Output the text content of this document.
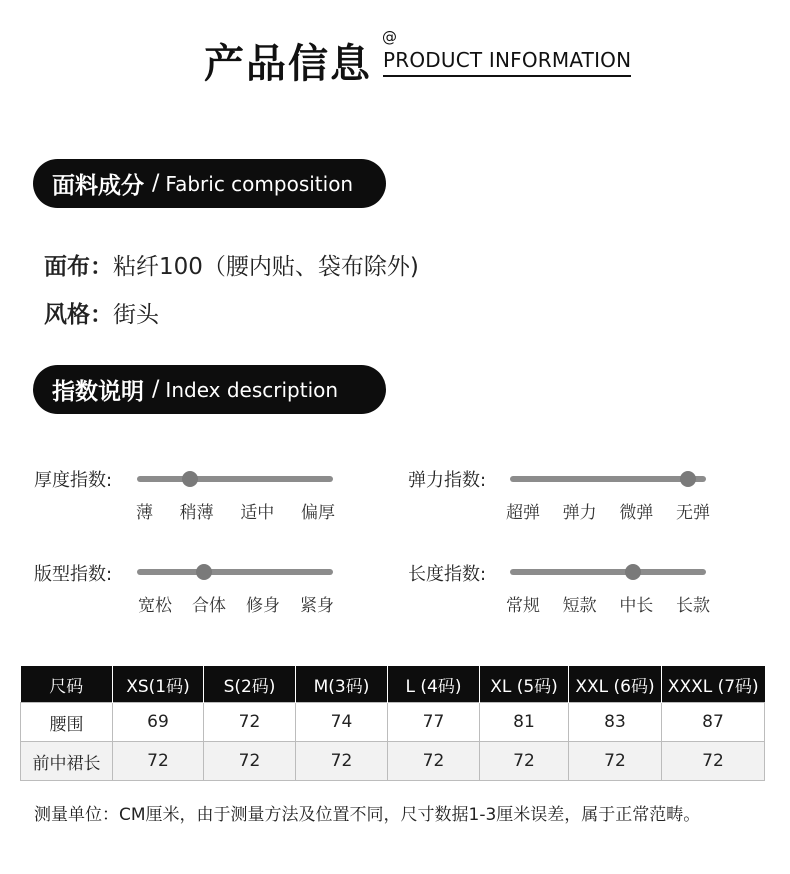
产品信息
@
PRODUCT INFORMATION
面料成分 / Fabric composition
面布：粘纤100（腰内贴、袋布除外)
风格：街头
指数说明 / Index description
厚度指数:
薄 稍薄 适中 偏厚
弹力指数:
超弹 弹力 微弹 无弹
版型指数:
宽松 合体 修身 紧身
长度指数:
常规 短款 中长 长款
尺码	XS(1码)	S(2码)	M(3码)	L (4码)	XL (5码)	XXL (6码)	XXXL (7码)
腰围	69	72	74	77	81	83	87
前中裙长	72	72	72	72	72	72	72
测量单位：CM厘米，由于测量方法及位置不同，尺寸数据1-3厘米误差，属于正常范畴。
